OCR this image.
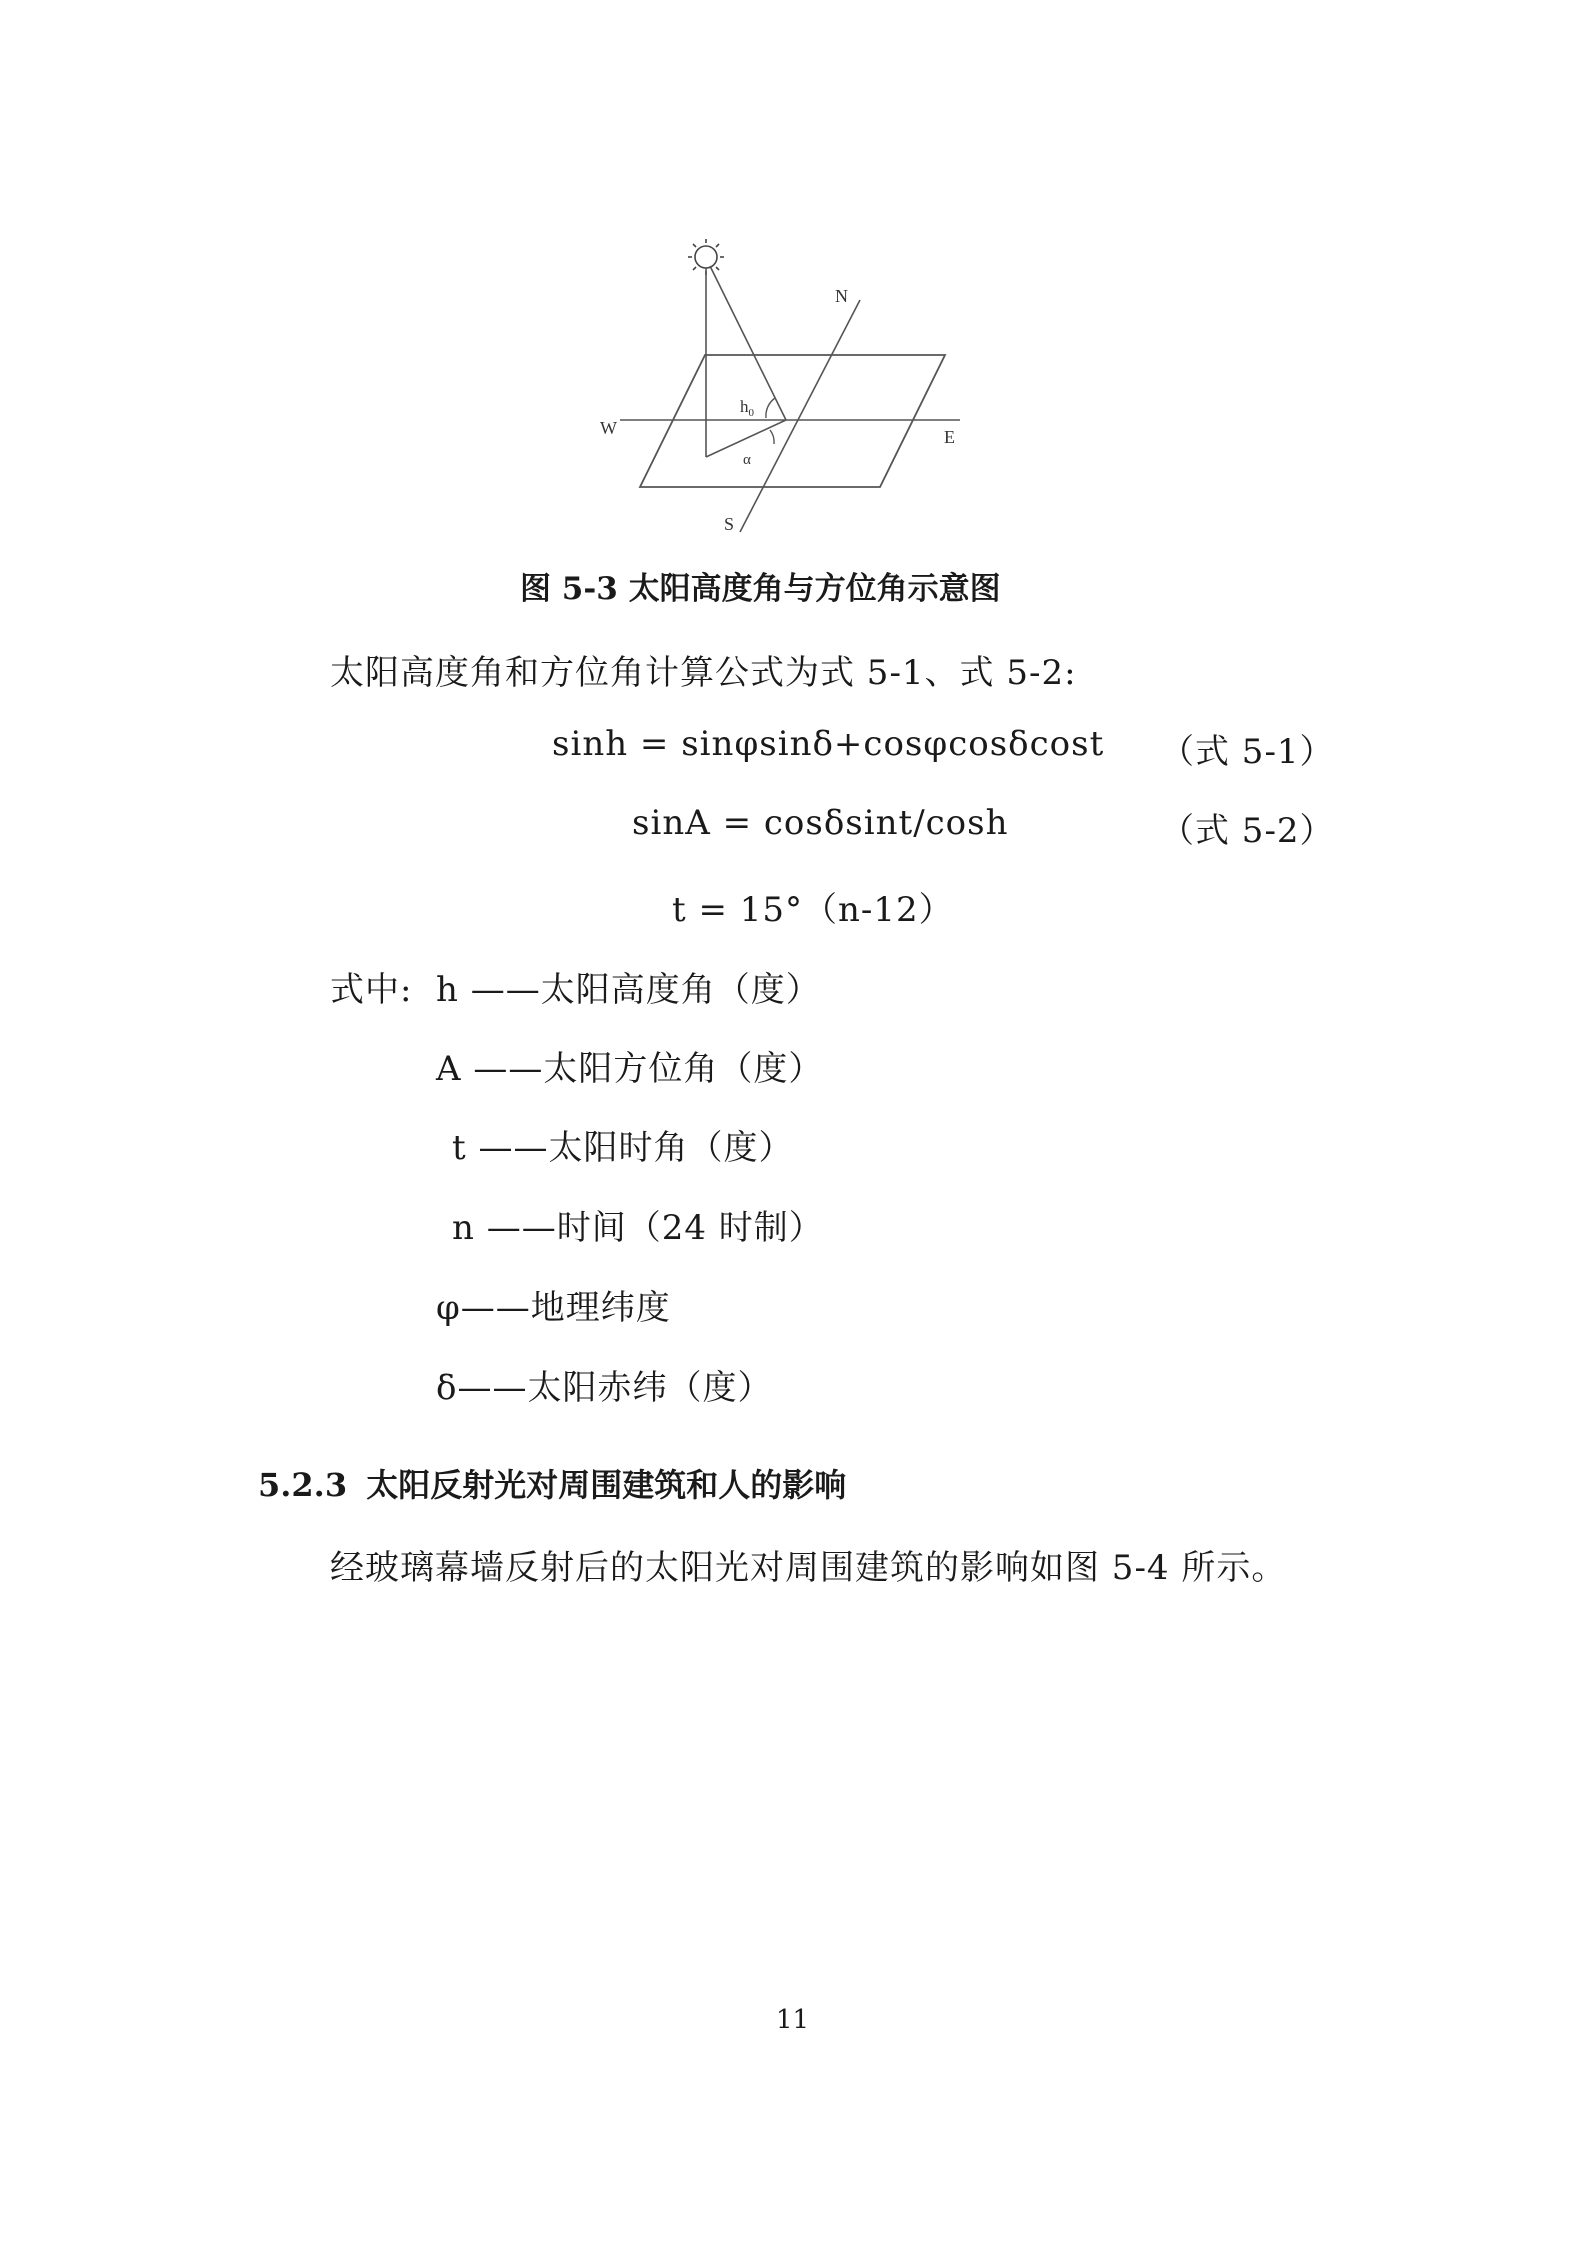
N
W	E
S
$h_0$
α
图 5-3 太阳高度角与方位角示意图
太阳高度角和方位角计算公式为式 5-1、式 5-2:
sinh = sinφsinδ+cosφcosδcost （式 5-1）
sinA = cosδsint/cosh	（式 5-2）
t = 15°（n-12）
式中: h ——太阳高度角（度）
A ——太阳方位角（度）
t ——太阳时角（度）
n ——时间（24 时制）
φ——地理纬度
δ——太阳赤纬（度）
5.2.3 太阳反射光对周围建筑和人的影响
经玻璃幕墙反射后的太阳光对周围建筑的影响如图 5-4 所示。
11
